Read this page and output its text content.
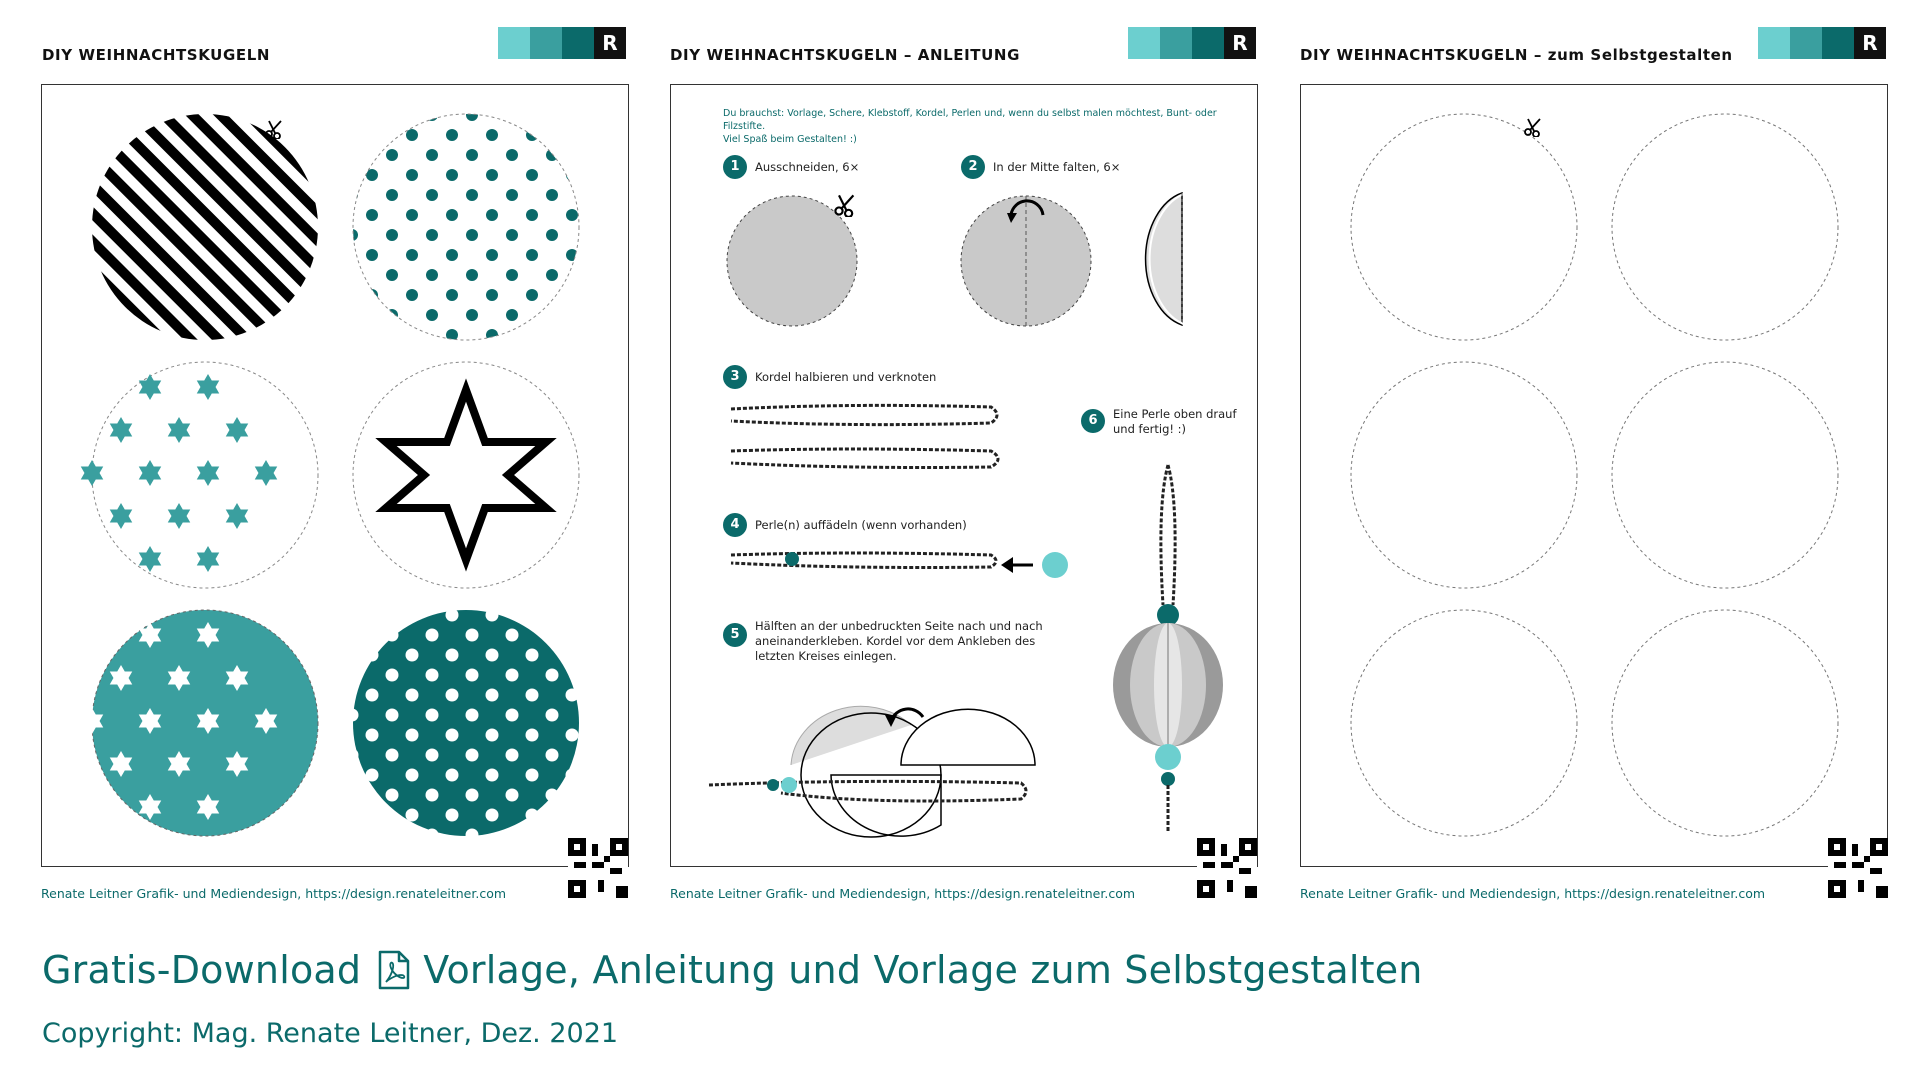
DIY WEIHNACHTSKUGELN	R
Renate Leitner Grafik- und Mediendesign, https://design.renateleitner.com
DIY WEIHNACHTSKUGELN – ANLEITUNG	R
Du brauchst: Vorlage, Schere, Klebstoff, Kordel, Perlen und, wenn du selbst malen möchtest, Bunt- oder Filzstifte.
Viel Spaß beim Gestalten! :)
1	Ausschneiden, 6×	2	In der Mitte falten, 6×
3	Kordel halbieren und verknoten
4	Perle(n) auffädeln (wenn vorhanden)
5
Hälften an der unbedruckten Seite nach und nach
aneinanderkleben. Kordel vor dem Ankleben des
letzten Kreises einlegen.
6	Eine Perle oben drauf
und fertig! :)
Renate Leitner Grafik- und Mediendesign, https://design.renateleitner.com
DIY WEIHNACHTSKUGELN – zum Selbstgestalten	R
Renate Leitner Grafik- und Mediendesign, https://design.renateleitner.com
Gratis-Download Vorlage, Anleitung und Vorlage zum Selbstgestalten
Copyright: Mag. Renate Leitner, Dez. 2021
